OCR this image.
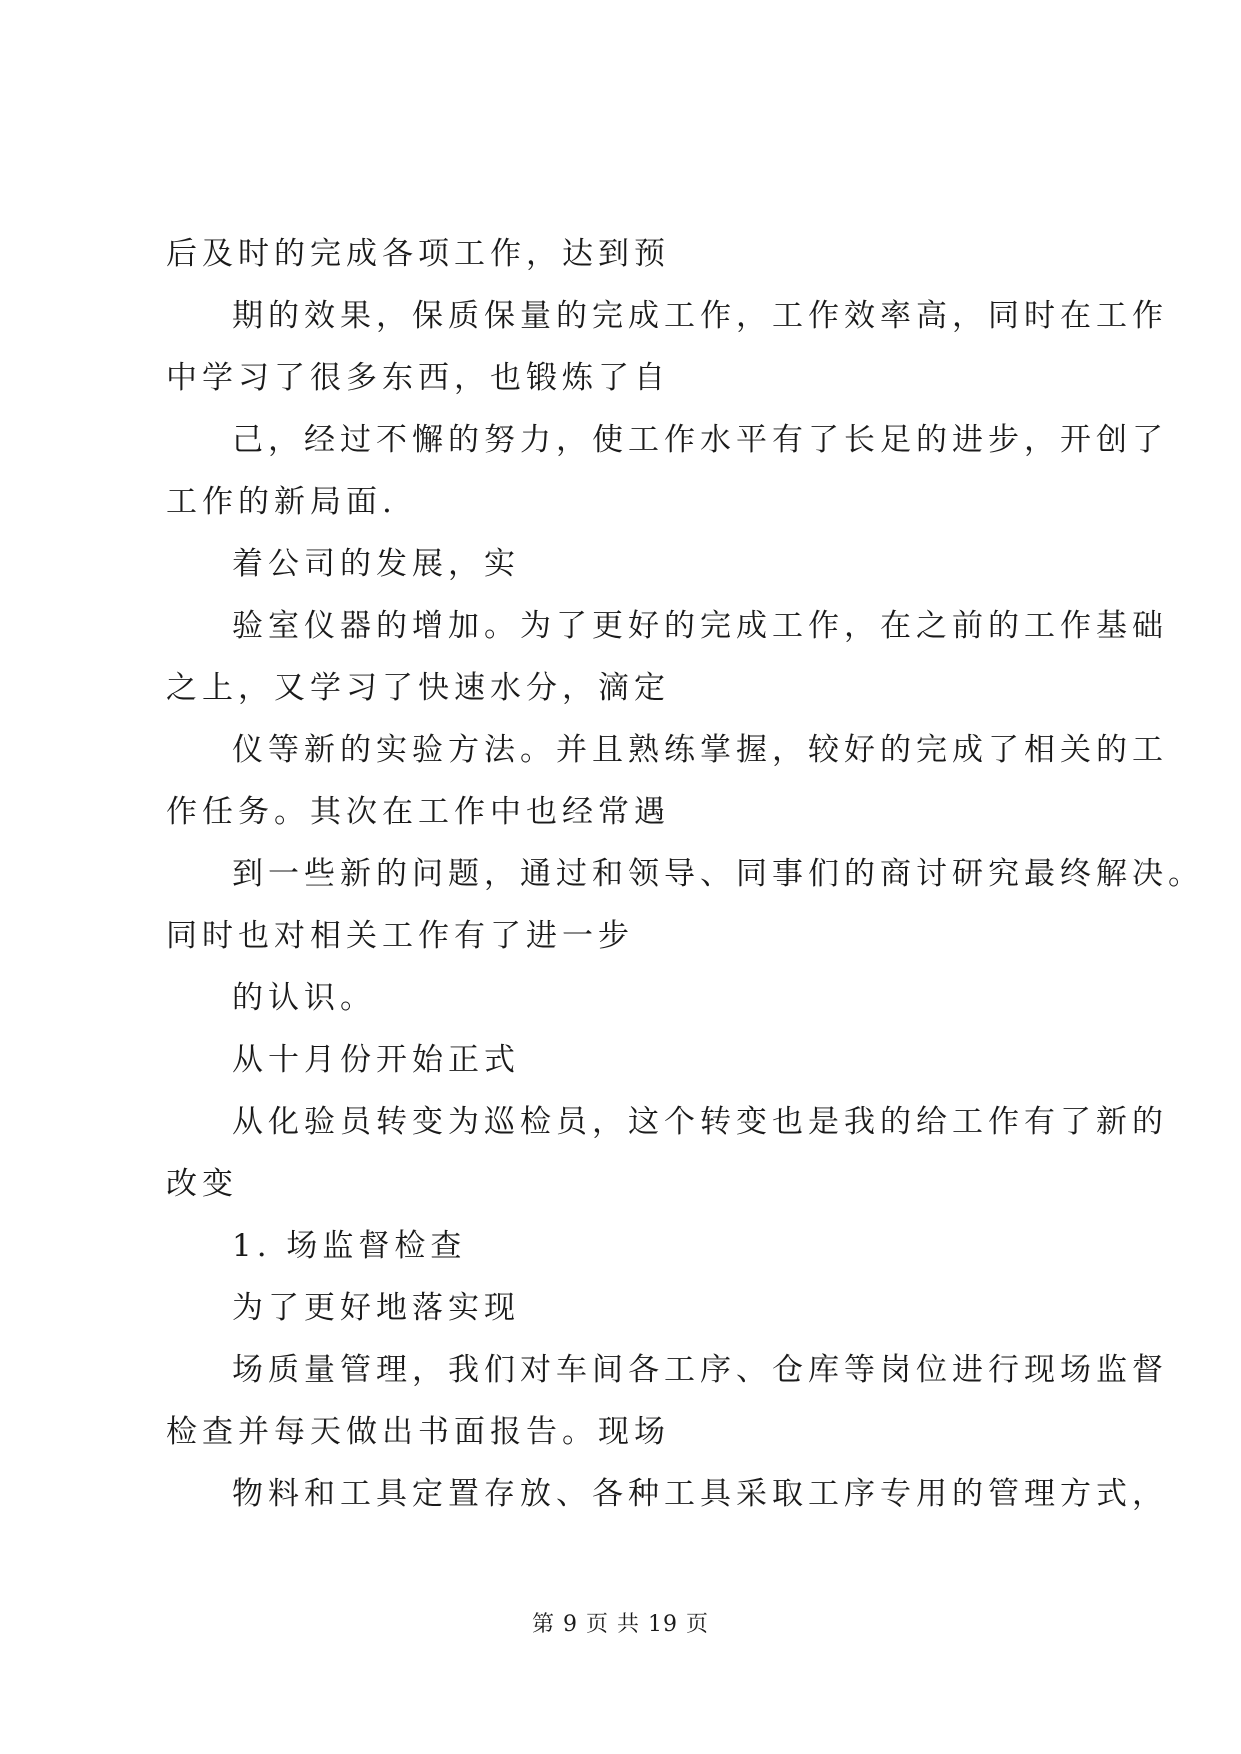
后及时的完成各项工作，达到预
期的效果，保质保量的完成工作，工作效率高，同时在工作
中学习了很多东西，也锻炼了自
己，经过不懈的努力，使工作水平有了长足的进步，开创了
工作的新局面.
着公司的发展，实
验室仪器的增加。为了更好的完成工作，在之前的工作基础
之上，又学习了快速水分，滴定
仪等新的实验方法。并且熟练掌握，较好的完成了相关的工
作任务。其次在工作中也经常遇
到一些新的问题，通过和领导、同事们的商讨研究最终解决。
同时也对相关工作有了进一步
的认识。
从十月份开始正式
从化验员转变为巡检员，这个转变也是我的给工作有了新的
改变
1. 场监督检查
为了更好地落实现
场质量管理，我们对车间各工序、仓库等岗位进行现场监督
检查并每天做出书面报告。现场
物料和工具定置存放、各种工具采取工序专用的管理方式，
第 9 页 共 19 页
